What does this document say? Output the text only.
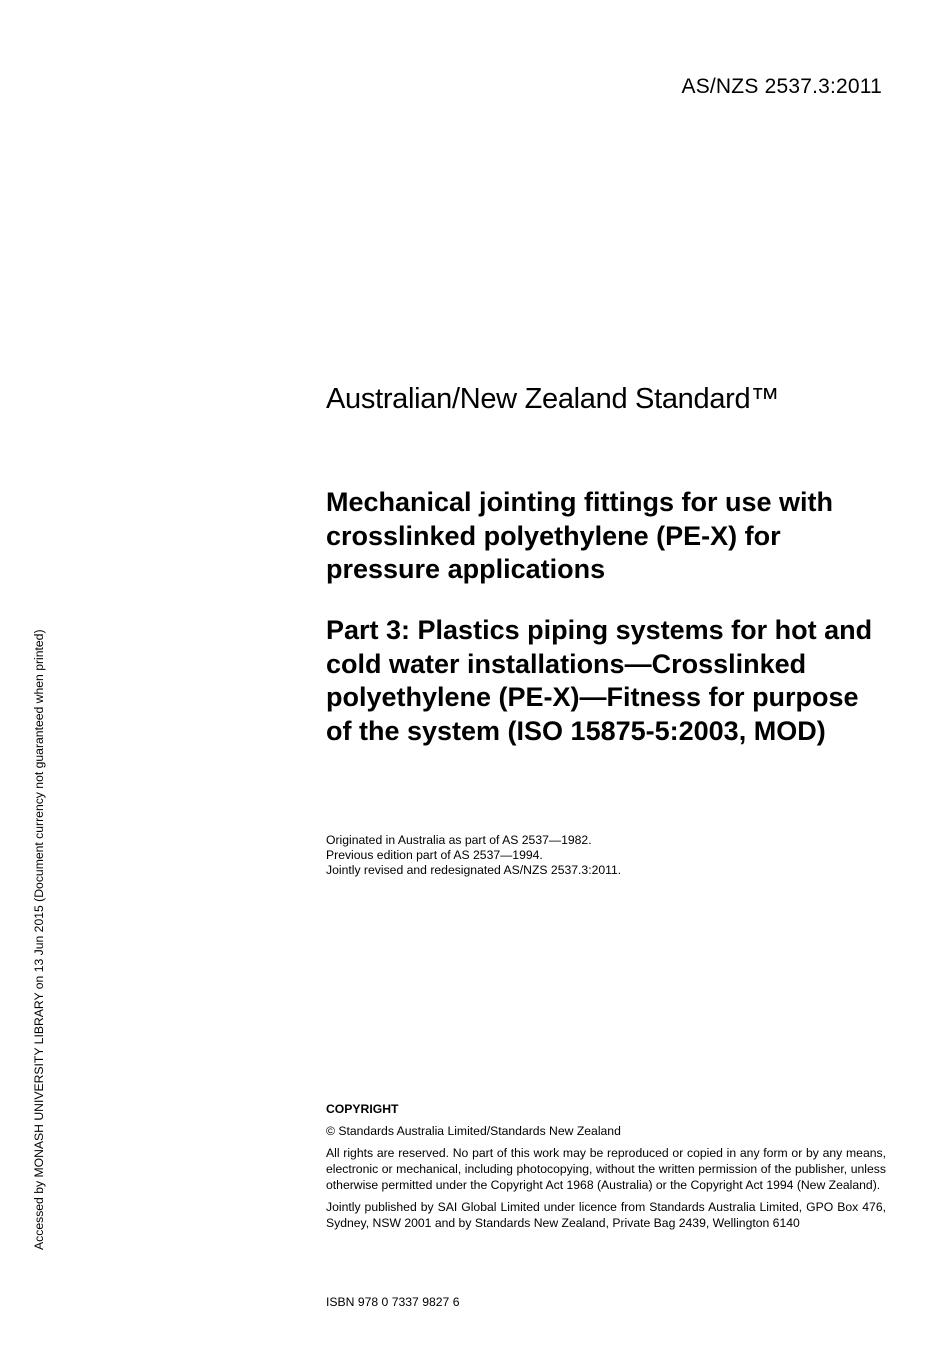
AS/NZS 2537.3:2011
Accessed by MONASH UNIVERSITY LIBRARY on 13 Jun 2015 (Document currency not guaranteed when printed)
Australian/New Zealand Standard™
Mechanical jointing fittings for use with crosslinked polyethylene (PE-X) for pressure applications
Part 3: Plastics piping systems for hot and cold water installations—Crosslinked polyethylene (PE-X)—Fitness for purpose of the system (ISO 15875-5:2003, MOD)
Originated in Australia as part of AS 2537—1982.
Previous edition part of AS 2537—1994.
Jointly revised and redesignated AS/NZS 2537.3:2011.
COPYRIGHT

© Standards Australia Limited/Standards New Zealand

All rights are reserved. No part of this work may be reproduced or copied in any form or by any means, electronic or mechanical, including photocopying, without the written permission of the publisher, unless otherwise permitted under the Copyright Act 1968 (Australia) or the Copyright Act 1994 (New Zealand).

Jointly published by SAI Global Limited under licence from Standards Australia Limited, GPO Box 476, Sydney, NSW 2001 and by Standards New Zealand, Private Bag 2439, Wellington 6140

ISBN 978 0 7337 9827 6
